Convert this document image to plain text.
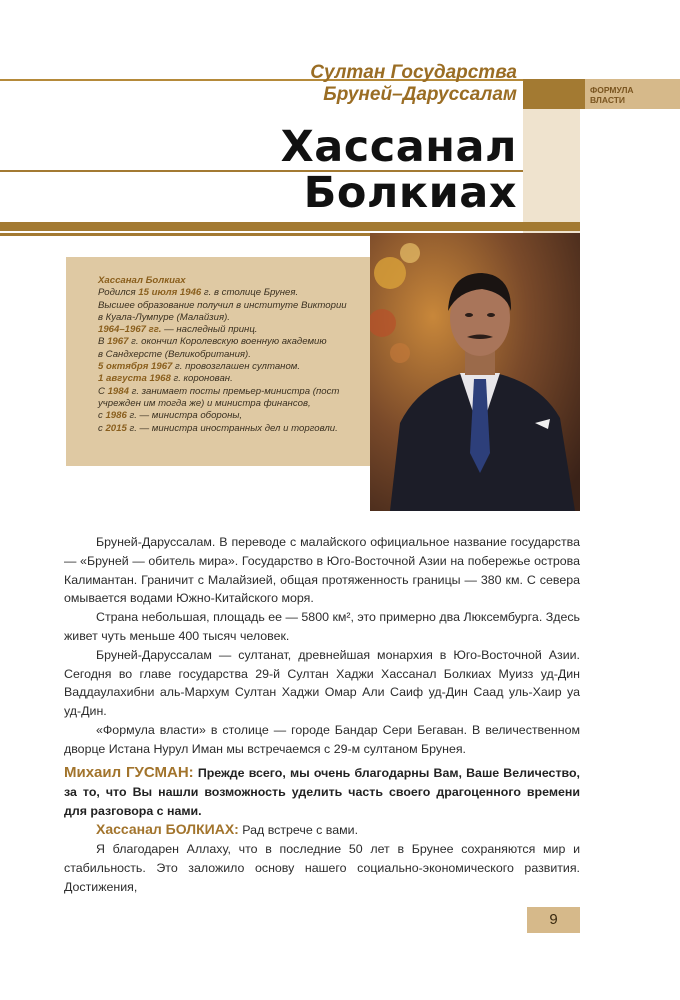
ФОРМУЛА
ВЛАСТИ
Султан Государства
Бруней–Даруссалам
Хассанал
Болкиах

Хассанал Болкиах

Родился 15 июля 1946 г. в столице Брунея.

Высшее образование получил в институте Виктории

в Куала-Лумпуре (Малайзия).

1964–1967 гг. — наследный принц.

В 1967 г. окончил Королевскую военную академию

в Сандхерсте (Великобритания).

5 октября 1967 г. провозглашен султаном.

1 августа 1968 г. коронован.

С 1984 г. занимает посты премьер-министра (пост

учрежден им тогда же) и министра финансов,

с 1986 г. — министра обороны,

с 2015 г. — министра иностранных дел и торговли.

Бруней-Даруссалам. В переводе с малайского официальное название государства — «Бруней — обитель мира». Государство в Юго-Восточной Азии на побережье острова Калимантан. Граничит с Малайзией, общая протяженность границы — 380 км. С севера омывается водами Южно-Китайского моря.

Страна небольшая, площадь ее — 5800 км², это примерно два Люксембурга. Здесь живет чуть меньше 400 тысяч человек.

Бруней-Даруссалам — султанат, древнейшая монархия в Юго-Восточной Азии. Сегодня во главе государства 29-й Султан Хаджи Хассанал Болкиах Муизз уд-Дин Ваддаулахибни аль-Мархум Султан Хаджи Омар Али Саиф уд-Дин Саад уль-Хаир уа уд-Дин.

«Формула власти» в столице — городе Бандар Сери Бегаван. В величественном дворце Истана Нурул Иман мы встречаемся с 29-м султаном Брунея.

Михаил ГУСМАН: Прежде всего, мы очень благодарны Вам, Ваше Величество, за то, что Вы нашли возможность уделить часть своего драгоценного времени для разговора с нами.

Хассанал БОЛКИАХ: Рад встрече с вами.

Я благодарен Аллаху, что в последние 50 лет в Брунее сохраняются мир и стабильность. Это заложило основу нашего социально-экономического развития. Достижения,

9
